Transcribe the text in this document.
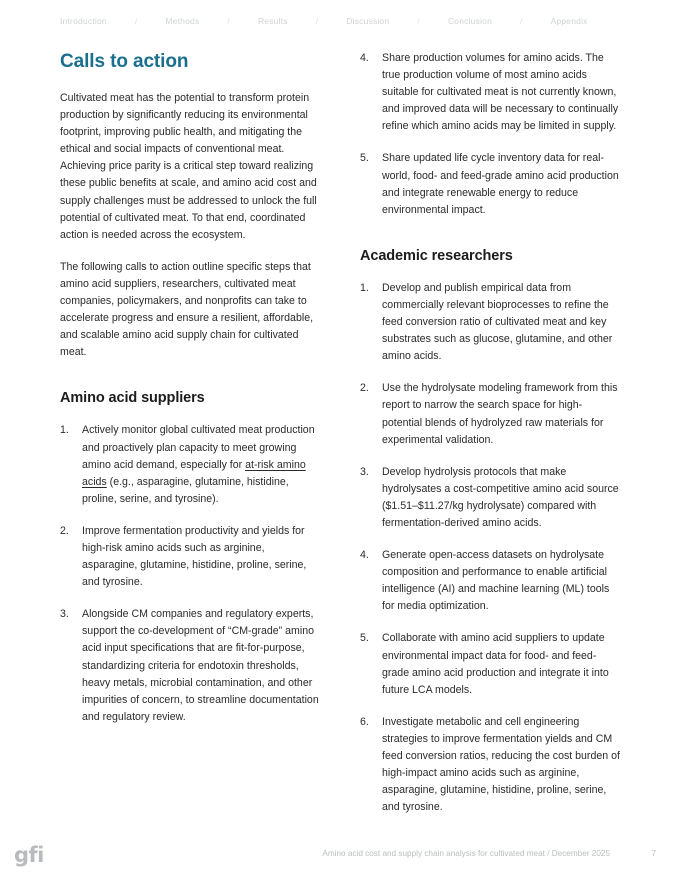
Introduction	/	Methods	/	Results	/	Discussion	/	Conclusion	/	Appendix
Calls to action

Cultivated meat has the potential to transform protein production by significantly reducing its environmental footprint, improving public health, and mitigating the ethical and social impacts of conventional meat. Achieving price parity is a critical step toward realizing these public benefits at scale, and amino acid cost and supply challenges must be addressed to unlock the full potential of cultivated meat. To that end, coordinated action is needed across the ecosystem.

The following calls to action outline specific steps that amino acid suppliers, researchers, cultivated meat companies, policymakers, and nonprofits can take to accelerate progress and ensure a resilient, affordable, and scalable amino acid supply chain for cultivated meat.

Amino acid suppliers
1.	Actively monitor global cultivated meat production and proactively plan capacity to meet growing amino acid demand, especially for at-risk amino acids (e.g., asparagine, glutamine, histidine, proline, serine, and tyrosine).
2.	Improve fermentation productivity and yields for high-risk amino acids such as arginine, asparagine, glutamine, histidine, proline, serine, and tyrosine.
3.	Alongside CM companies and regulatory experts, support the co-development of “CM-grade” amino acid input specifications that are fit-for-purpose, standardizing criteria for endotoxin thresholds, heavy metals, microbial contamination, and other impurities of concern, to streamline documentation and regulatory review.
4.	Share production volumes for amino acids. The true production volume of most amino acids suitable for cultivated meat is not currently known, and improved data will be necessary to continually refine which amino acids may be limited in supply.
5.	Share updated life cycle inventory data for real-world, food- and feed-grade amino acid production and integrate renewable energy to reduce environmental impact.
Academic researchers
1.	Develop and publish empirical data from commercially relevant bioprocesses to refine the feed conversion ratio of cultivated meat and key substrates such as glucose, glutamine, and other amino acids.
2.	Use the hydrolysate modeling framework from this report to narrow the search space for high-potential blends of hydrolyzed raw materials for experimental validation.
3.	Develop hydrolysis protocols that make hydrolysates a cost-competitive amino acid source ($1.51–$11.27/kg hydrolysate) compared with fermentation-derived amino acids.
4.	Generate open-access datasets on hydrolysate composition and performance to enable artificial intelligence (AI) and machine learning (ML) tools for media optimization.
5.	Collaborate with amino acid suppliers to update environmental impact data for food- and feed-grade amino acid production and integrate it into future LCA models.
6.	Investigate metabolic and cell engineering strategies to improve fermentation yields and CM feed conversion ratios, reducing the cost burden of high-impact amino acids such as arginine, asparagine, glutamine, histidine, proline, serine, and tyrosine.
gfi	Amino acid cost and supply chain analysis for cultivated meat / December 2025	7
